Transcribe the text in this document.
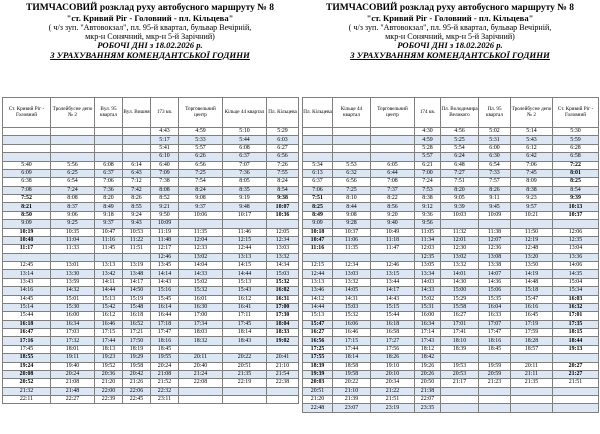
ТИМЧАСОВИЙ розклад руху автобусного маршруту № 8
"ст. Кривий Ріг - Головний - пл. Кільцева"
( ч/з зуп. "Автовокзал", пл. 95-й квартал, бульвар Вечірній,
мкр-н Сонячний, мкр-н 5-й Зарічний)
РОБОЧІ ДНІ з 18.02.2026 р.
З УРАХУВАННЯМ КОМЕНДАНТСЬКОЇ ГОДИНИ
Ст. Кривий Ріг - Головний	Тролейбусне депо № 2	Вул. 95 квартал	Вул. Вишня	173 кв.	Торговельний центр	Кільце 44 квартал	Пл. Кільцева
				4:43	4:59	5:10	5:29
				5:17	5:33	5:44	6:03
				5:41	5:57	6:08	6:27
				6:10	6:26	6:37	6:56
5:40	5:56	6:08	6:14	6:40	6:56	7:07	7:26
6:09	6:25	6:37	6:43	7:09	7:25	7:36	7:55
6:38	6:54	7:06	7:12	7:38	7:54	8:05	8:24
7:08	7:24	7:36	7:42	8:08	8:24	8:35	8:54
7:52	8:08	8:20	8:26	8:52	9:08	9:19	9:38
8:21	8:37	8:49	8:55	9:21	9:37	9:48	10:07
8:50	9:06	9:18	9:24	9:50	10:06	10:17	10:36
9:09	9:25	9:37	9:43	10:09			
10:19	10:35	10:47	10:53	11:19	11:35	11:46	12:05
10:48	11:04	11:16	11:22	11:48	12:04	12:15	12:34
11:17	11:33	11:45	11:51	12:17	12:33	12:44	13:03
				12:46	13:02	13:13	13:32
12:45	13:01	13:13	13:19	13:45	14:04	14:15	14:34
13:14	13:30	13:42	13:48	14:14	14:33	14:44	15:03
13:43	13:59	14:11	14:17	14:43	15:02	15:13	15:32
14:16	14:32	14:44	14:50	15:16	15:32	15:43	16:02
14:45	15:01	15:13	15:19	15:45	16:01	16:12	16:31
15:14	15:30	15:42	15:48	16:14	16:30	16:41	17:00
15:44	16:00	16:12	16:18	16:44	17:00	17:11	17:30
16:18	16:34	16:46	16:52	17:18	17:34	17:45	18:04
16:47	17:03	17:15	17:21	17:47	18:03	18:14	18:33
17:16	17:32	17:44	17:50	18:16	18:32	18:43	19:02
17:45	18:01	18:13	18:19	18:45			
18:55	19:11	19:23	19:29	19:55	20:11	20:22	20:41
19:24	19:40	19:52	19:58	20:24	20:40	20:51	21:10
20:08	20:24	20:36	20:42	21:08	21:24	21:35	21:54
20:52	21:08	21:20	21:26	21:52	22:08	22:19	22:38
21:32	21:48	22:00	22:06	22:32			
22:11	22:27	22:39	22:45	23:11			
ТИМЧАСОВИЙ розклад руху автобусного маршруту № 8
"ст. Кривий Ріг - Головний - пл. Кільцева"
( ч/з зуп. "Автовокзал", пл. 95-й квартал, бульвар Вечірній,
мкр-н Сонячний, мкр-н 5-й Зарічний)
РОБОЧІ ДНІ з 18.02.2026 р.
З УРАХУВАННЯМ КОМЕНДАНТСЬКОЇ ГОДИНИ
Пл. Кільцева	Кільце 44 квартал	Торговельний центр	174 кв.	Пл. Володимира Великого	Пл. 95 квартал	Тролейбусне депо № 2	Ст. Кривий Ріг - Головний
			4:30	4:56	5:02	5:14	5:30
			4:59	5:25	5:31	5:43	5:59
			5:28	5:54	6:00	6:12	6:28
			5:57	6:24	6:30	6:42	6:58
5:34	5:53	6:05	6:21	6:48	6:54	7:06	7:22
6:13	6:32	6:44	7:00	7:27	7:33	7:45	8:01
6:37	6:56	7:08	7:24	7:51	7:57	8:09	8:25
7:06	7:25	7:37	7:53	8:20	8:26	8:38	8:54
7:51	8:10	8:22	8:38	9:05	9:11	9:23	9:39
8:25	8:44	8:56	9:12	9:39	9:45	9:57	10:13
8:49	9:08	9:20	9:36	10:03	10:09	10:21	10:37
9:09	9:28	9:40	9:56				
10:18	10:37	10:49	11:05	11:32	11:38	11:50	12:06
10:47	11:06	11:18	11:34	12:01	12:07	12:19	12:35
11:16	11:35	11:47	12:03	12:30	12:36	12:48	13:04
			12:35	13:02	13:08	13:20	13:36
12:15	12:34	12:46	13:05	13:32	13:38	13:50	14:06
12:44	13:03	13:15	13:34	14:01	14:07	14:19	14:35
13:13	13:32	13:44	14:03	14:30	14:36	14:48	15:04
13:46	14:05	14:17	14:33	15:00	15:06	15:18	15:34
14:12	14:31	14:43	15:02	15:29	15:35	15:47	16:03
14:44	15:03	15:15	15:31	15:58	16:04	16:16	16:32
15:13	15:32	15:44	16:00	16:27	16:33	16:45	17:01
15:47	16:06	16:18	16:34	17:01	17:07	17:19	17:35
16:27	16:46	16:58	17:14	17:41	17:47	17:59	18:15
16:56	17:15	17:27	17:43	18:10	18:16	18:28	18:44
17:25	17:44	17:56	18:12	18:39	18:45	18:57	19:13
17:55	18:14	18:26	18:42				
18:39	18:58	19:10	19:26	19:53	19:59	20:11	20:27
19:39	19:58	20:10	20:26	20:53	20:59	21:11	21:27
20:03	20:22	20:34	20:50	21:17	21:23	21:35	21:51
20:51	21:10	21:22	21:38				
21:20	21:39	21:51	22:07				
22:48	23:07	23:19	23:35				
